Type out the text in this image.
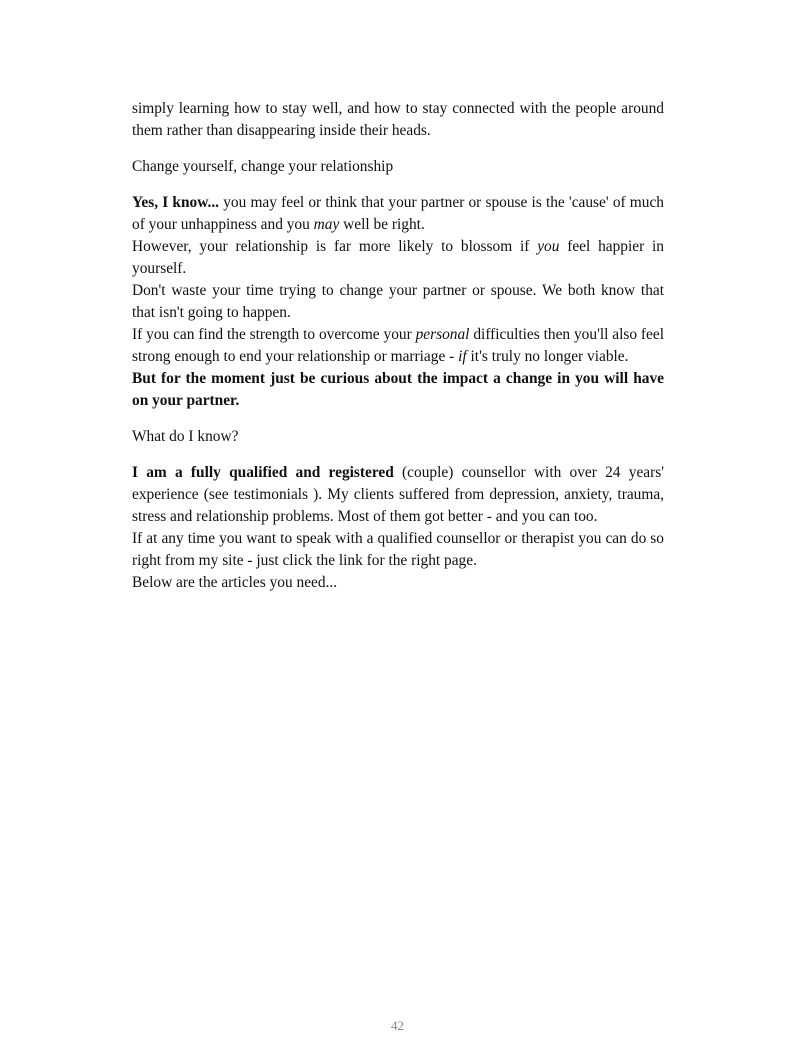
simply learning how to stay well, and how to stay connected with the people around them rather than disappearing inside their heads.

Change yourself, change your relationship

Yes, I know... you may feel or think that your partner or spouse is the 'cause' of much of your unhappiness and you may well be right.

However, your relationship is far more likely to blossom if you feel happier in yourself.

Don't waste your time trying to change your partner or spouse. We both know that that isn't going to happen.

If you can find the strength to overcome your personal difficulties then you'll also feel strong enough to end your relationship or marriage - if it's truly no longer viable.

But for the moment just be curious about the impact a change in you will have on your partner.

What do I know?

I am a fully qualified and registered (couple) counsellor with over 24 years' experience (see testimonials ). My clients suffered from depression, anxiety, trauma, stress and relationship problems. Most of them got better - and you can too.

If at any time you want to speak with a qualified counsellor or therapist you can do so right from my site - just click the link for the right page.

Below are the articles you need...

42
